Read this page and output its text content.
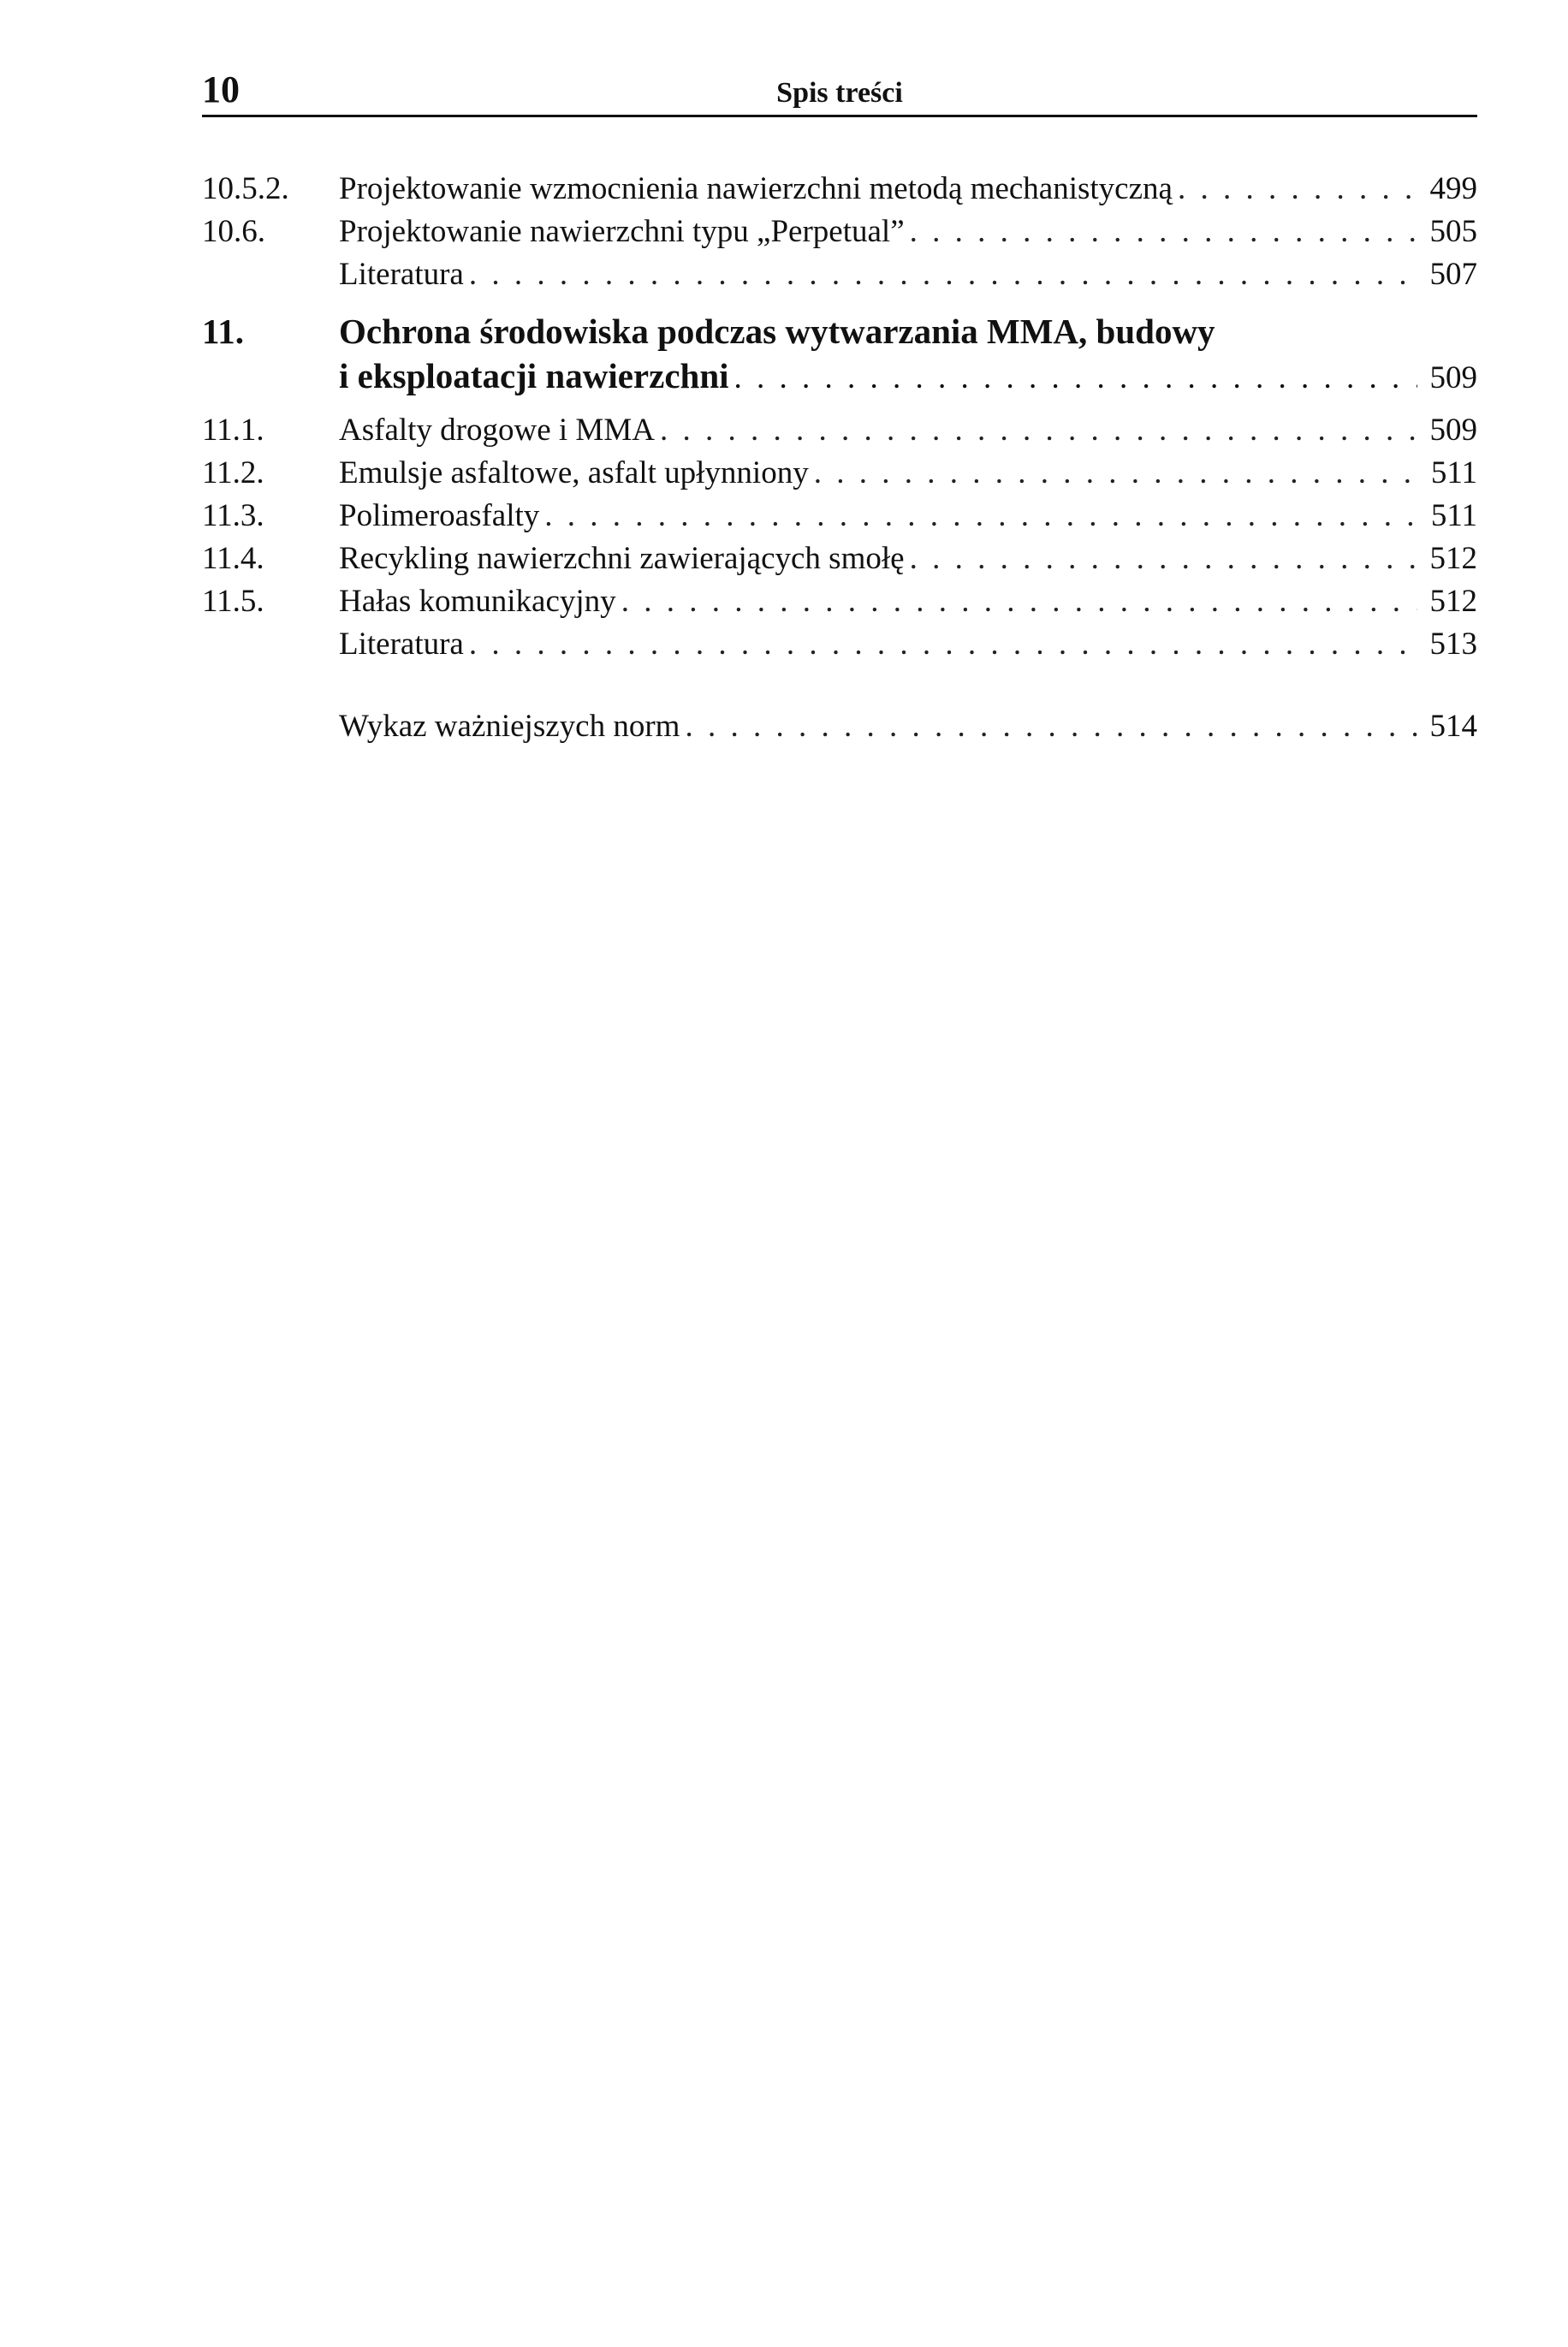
10	Spis treści
10.5.2. Projektowanie wzmocnienia nawierzchni metodą mechanistyczną . . .	499
10.6. Projektowanie nawierzchni typu „Perpetual” . . .	505
Literatura . . .	507
11.	Ochrona środowiska podczas wytwarzania MMA, budowy
i eksploatacji nawierzchni . . .	509
11.1. Asfalty drogowe i MMA . . .	509
11.2. Emulsje asfaltowe, asfalt upłynniony . . .	511
11.3. Polimeroasfalty . . .	511
11.4. Recykling nawierzchni zawierających smołę . . .	512
11.5. Hałas komunikacyjny . . .	512
Literatura . . .	513
Wykaz ważniejszych norm . . .	514
